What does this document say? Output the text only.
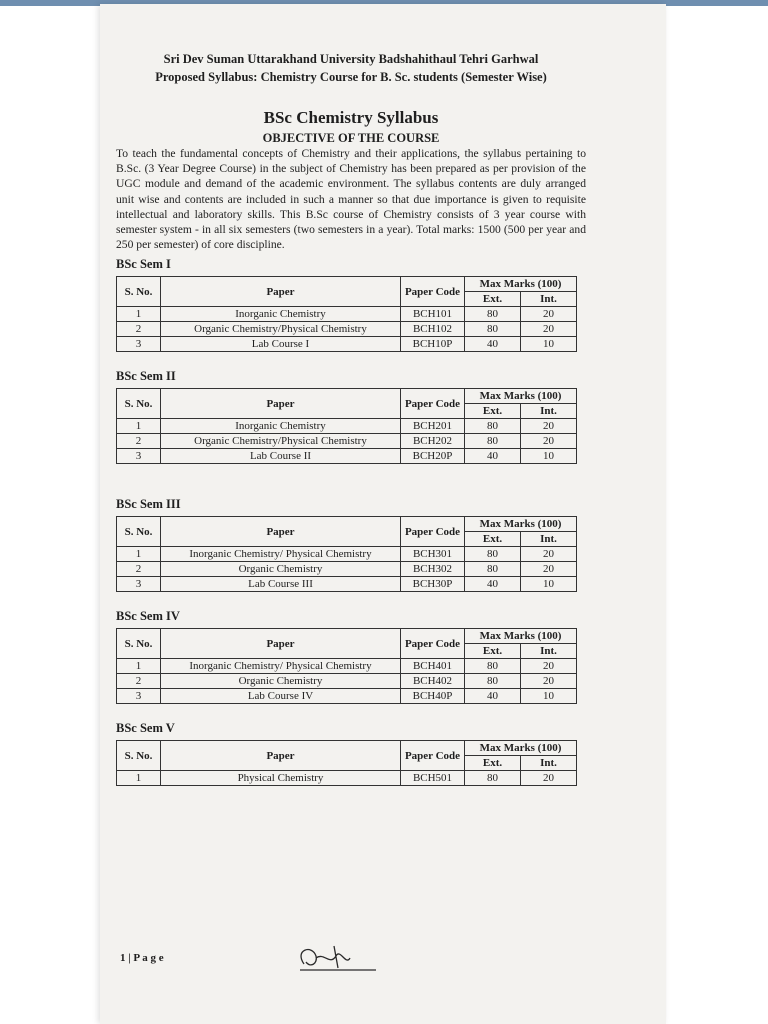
Sri Dev Suman Uttarakhand University Badshahithaul Tehri Garhwal
Proposed Syllabus: Chemistry Course for B. Sc. students (Semester Wise)
BSc Chemistry Syllabus
OBJECTIVE OF THE COURSE
To teach the fundamental concepts of Chemistry and their applications, the syllabus pertaining to B.Sc. (3 Year Degree Course) in the subject of Chemistry has been prepared as per provision of the UGC module and demand of the academic environment. The syllabus contents are duly arranged unit wise and contents are included in such a manner so that due importance is given to requisite intellectual and laboratory skills. This B.Sc course of Chemistry consists of 3 year course with semester system - in all six semesters (two semesters in a year). Total marks: 1500 (500 per year and 250 per semester) of core discipline.
BSc Sem I
S. No.	Paper	Paper Code	Max Marks (100)	
			Ext.	Int.
1	Inorganic Chemistry	BCH101	80	20
2	Organic Chemistry/Physical Chemistry	BCH102	80	20
3	Lab Course I	BCH10P	40	10
BSc Sem II
S. No.	Paper	Paper Code	Max Marks (100)	
			Ext.	Int.
1	Inorganic Chemistry	BCH201	80	20
2	Organic Chemistry/Physical Chemistry	BCH202	80	20
3	Lab Course II	BCH20P	40	10
BSc Sem III
S. No.	Paper	Paper Code	Max Marks (100)	
			Ext.	Int.
1	Inorganic Chemistry/ Physical Chemistry	BCH301	80	20
2	Organic Chemistry	BCH302	80	20
3	Lab Course III	BCH30P	40	10
BSc Sem IV
S. No.	Paper	Paper Code	Max Marks (100)	
			Ext.	Int.
1	Inorganic Chemistry/ Physical Chemistry	BCH401	80	20
2	Organic Chemistry	BCH402	80	20
3	Lab Course IV	BCH40P	40	10
BSc Sem V
S. No.	Paper	Paper Code	Max Marks (100)	
			Ext.	Int.
1	Physical Chemistry	BCH501	80	20
1 | P a g e
